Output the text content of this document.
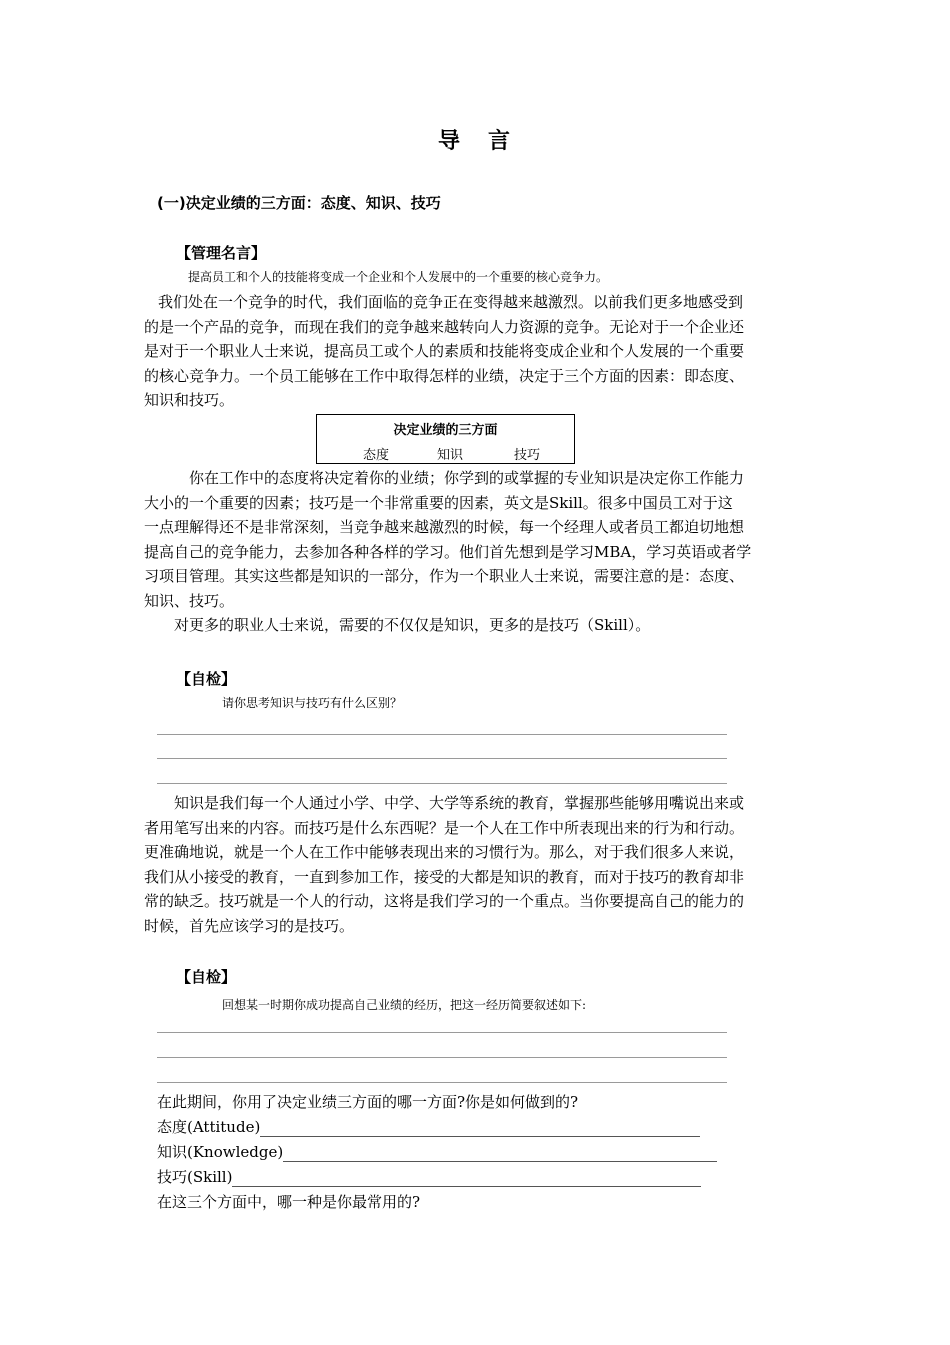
导 言
(一)决定业绩的三方面：态度、知识、技巧
【管理名言】
提高员工和个人的技能将变成一个企业和个人发展中的一个重要的核心竞争力。

我们处在一个竞争的时代，我们面临的竞争正在变得越来越激烈。以前我们更多地感受到

的是一个产品的竞争，而现在我们的竞争越来越转向人力资源的竞争。无论对于一个企业还

是对于一个职业人士来说，提高员工或个人的素质和技能将变成企业和个人发展的一个重要

的核心竞争力。一个员工能够在工作中取得怎样的业绩，决定于三个方面的因素：即态度、

知识和技巧。

决定业绩的三方面
态度	知识	技巧

你在工作中的态度将决定着你的业绩；你学到的或掌握的专业知识是决定你工作能力

大小的一个重要的因素；技巧是一个非常重要的因素，英文是Skill。很多中国员工对于这

一点理解得还不是非常深刻，当竞争越来越激烈的时候，每一个经理人或者员工都迫切地想

提高自己的竞争能力，去参加各种各样的学习。他们首先想到是学习MBA，学习英语或者学

习项目管理。其实这些都是知识的一部分，作为一个职业人士来说，需要注意的是：态度、

知识、技巧。

对更多的职业人士来说，需要的不仅仅是知识，更多的是技巧（Skill）。

【自检】
请你思考知识与技巧有什么区别？

知识是我们每一个人通过小学、中学、大学等系统的教育，掌握那些能够用嘴说出来或

者用笔写出来的内容。而技巧是什么东西呢？是一个人在工作中所表现出来的行为和行动。

更准确地说，就是一个人在工作中能够表现出来的习惯行为。那么，对于我们很多人来说，

我们从小接受的教育，一直到参加工作，接受的大都是知识的教育，而对于技巧的教育却非

常的缺乏。技巧就是一个人的行动，这将是我们学习的一个重点。当你要提高自己的能力的

时候，首先应该学习的是技巧。

【自检】
回想某一时期你成功提高自己业绩的经历，把这一经历简要叙述如下:
在此期间，你用了决定业绩三方面的哪一方面?你是如何做到的?
态度(Attitude)
知识(Knowledge)
技巧(Skill)
在这三个方面中，哪一种是你最常用的?
